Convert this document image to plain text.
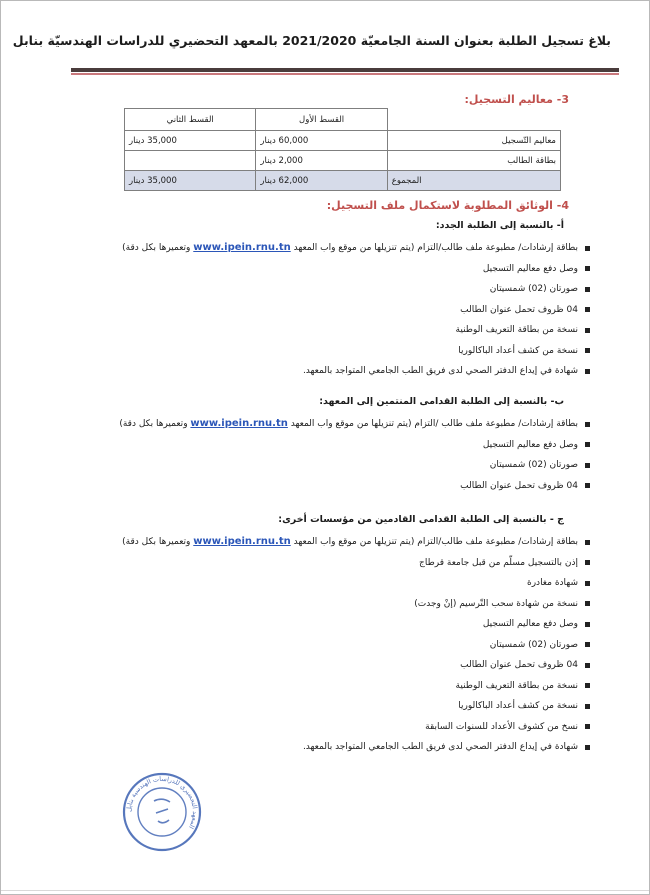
بلاغ تسجيل الطلبة بعنوان السنة الجامعيّة 2021/2020 بالمعهد التحضيري للدراسات الهندسيّة بنابل
3- معاليم التسجيل:
	القسط الأول	القسط الثاني
معاليم التّسجيل	60,000 دينار	35,000 دينار
بطاقة الطالب	2,000 دينار	
المجموع	62,000 دينار	35,000 دينار
4- الوثائق المطلوبة لاستكمال ملف التسجيل:
أ- بالنسبة إلى الطلبة الجدد:
بطاقة إرشادات/ مطبوعة ملف طالب/التزام (يتم تنزيلها من موقع واب المعهد www.ipein.rnu.tn وتعميرها بكل دقة)
وصل دفع معاليم التسجيل
صورتان (02) شمسيتان
04 ظروف تحمل عنوان الطالب
نسخة من بطاقة التعريف الوطنية
نسخة من كشف أعداد الباكالوريا
شهادة في إيداع الدفتر الصحي لدى فريق الطب الجامعي المتواجد بالمعهد.
ب- بالنسبة إلى الطلبة القدامى المنتمين إلى المعهد:
بطاقة إرشادات/ مطبوعة ملف طالب /التزام (يتم تنزيلها من موقع واب المعهد www.ipein.rnu.tn وتعميرها بكل دقة)
وصل دفع معاليم التسجيل
صورتان (02) شمسيتان
04 ظروف تحمل عنوان الطالب
ج - بالنسبة إلى الطلبة القدامى القادمين من مؤسسات أخرى:
بطاقة إرشادات/ مطبوعة ملف طالب/التزام (يتم تنزيلها من موقع واب المعهد www.ipein.rnu.tn وتعميرها بكل دقة)
إذن بالتسجيل مسلّم من قبل جامعة قرطاج
شهادة مغادرة
نسخة من شهادة سحب التّرسيم (إنْ وجدت)
وصل دفع معاليم التسجيل
صورتان (02) شمسيتان
04 ظروف تحمل عنوان الطالب
نسخة من بطاقة التعريف الوطنية
نسخة من كشف أعداد الباكالوريا
نسخ من كشوف الأعداد للسنوات السابقة
شهادة في إيداع الدفتر الصحي لدى فريق الطب الجامعي المتواجد بالمعهد.
المعهد التحضيري للدراسات الهندسية بنابل
